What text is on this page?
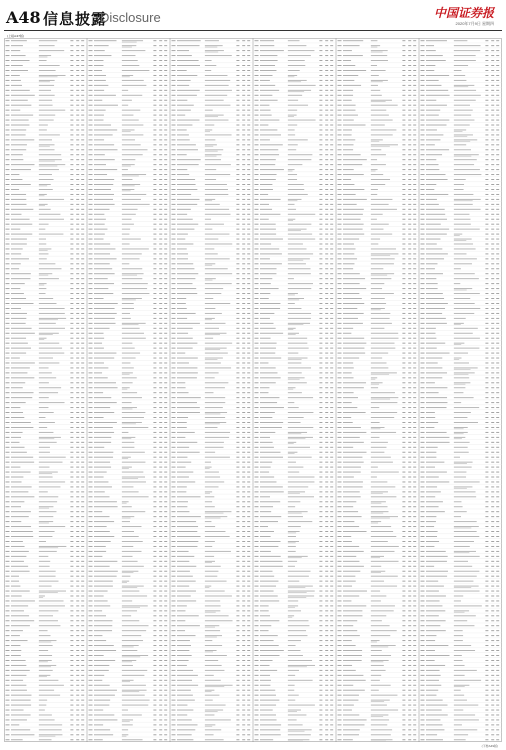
A48 信息披露
Disclosure	中国证券报
2020年7月9日 星期四
(上接A47版)
(下转A49版)
